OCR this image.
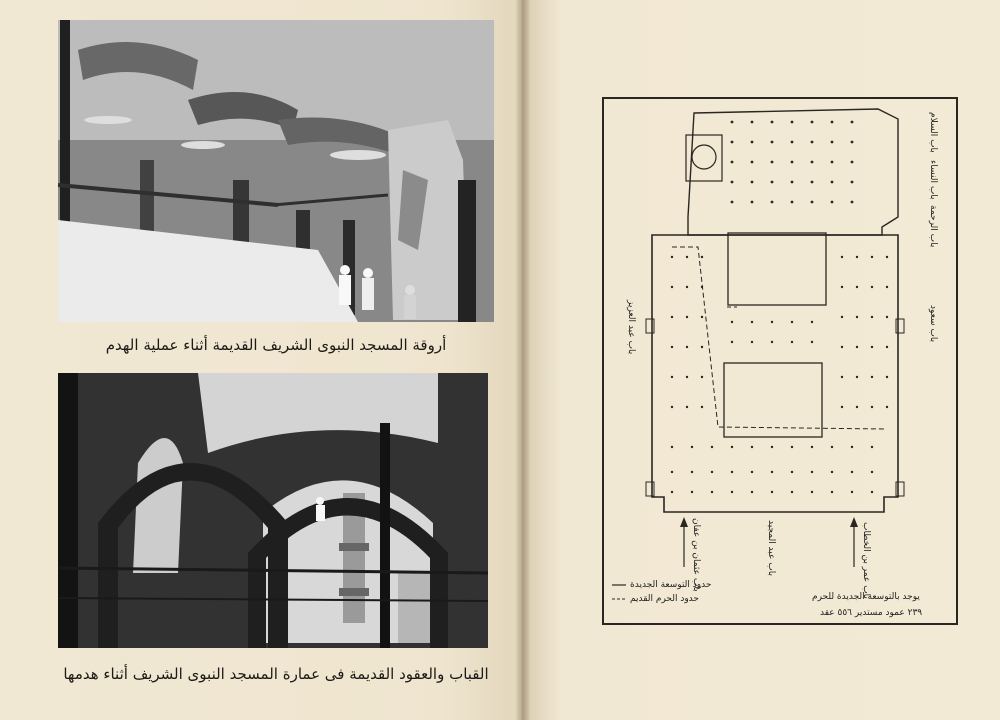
أروقة المسجد النبوى الشريف القديمة أثناء عملية الهدم
القباب والعقود القديمة فى عمارة المسجد النبوى الشريف أثناء هدمها
باب السلام
باب النساء
باب الرحمة
باب عبد العزيز	باب سعود
باب عثمان بن عفان	باب عبد المجيد	باب عمر بن الخطاب
حدود التوسعة الجديدة
حدود الحرم القديم	يوجد بالتوسعة الجديدة للحرم
٢٣٩ عمود مستدير ٥٥٦ عقد
